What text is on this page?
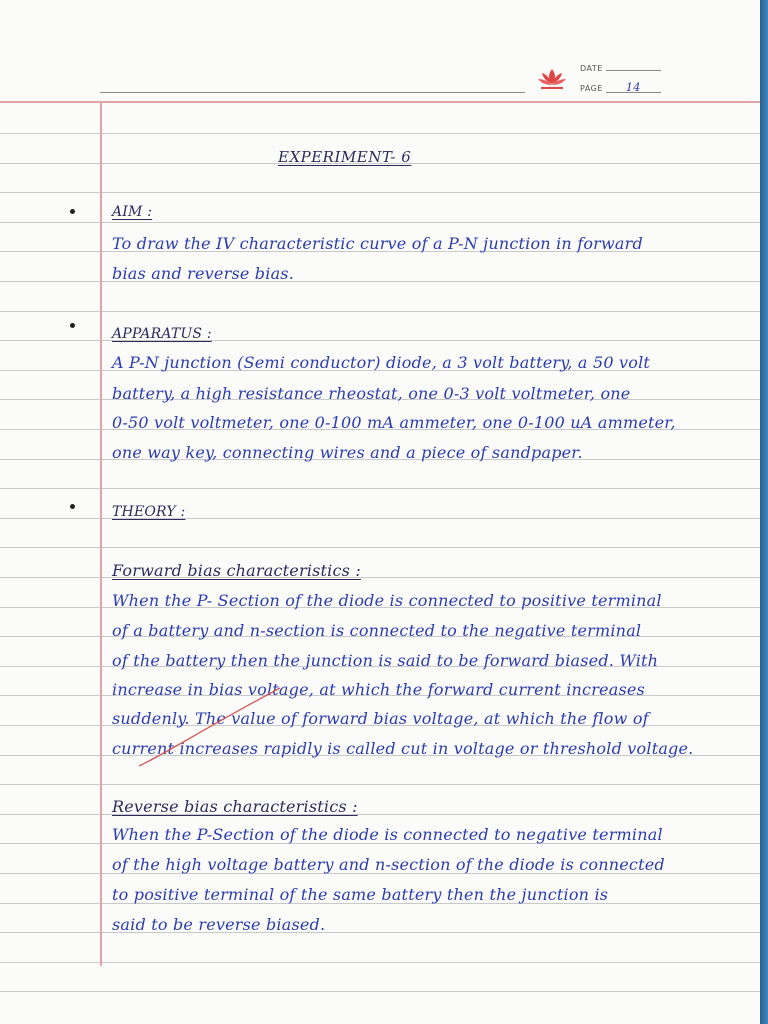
DATE
PAGE 14
EXPERIMENT- 6
AIM :
To draw the IV characteristic curve of a P-N junction in forward
bias and reverse bias.
APPARATUS :
A P-N junction (Semi conductor) diode, a 3 volt battery, a 50 volt
battery, a high resistance rheostat, one 0-3 volt voltmeter, one
0-50 volt voltmeter, one 0-100 mA ammeter, one 0-100 uA ammeter,
one way key, connecting wires and a piece of sandpaper.
THEORY :
Forward bias characteristics :
When the P- Section of the diode is connected to positive terminal
of a battery and n-section is connected to the negative terminal
of the battery then the junction is said to be forward biased. With
increase in bias voltage, at which the forward current increases
suddenly. The value of forward bias voltage, at which the flow of
current increases rapidly is called cut in voltage or threshold voltage.
Reverse bias characteristics :
When the P-Section of the diode is connected to negative terminal
of the high voltage battery and n-section of the diode is connected
to positive terminal of the same battery then the junction is
said to be reverse biased.
